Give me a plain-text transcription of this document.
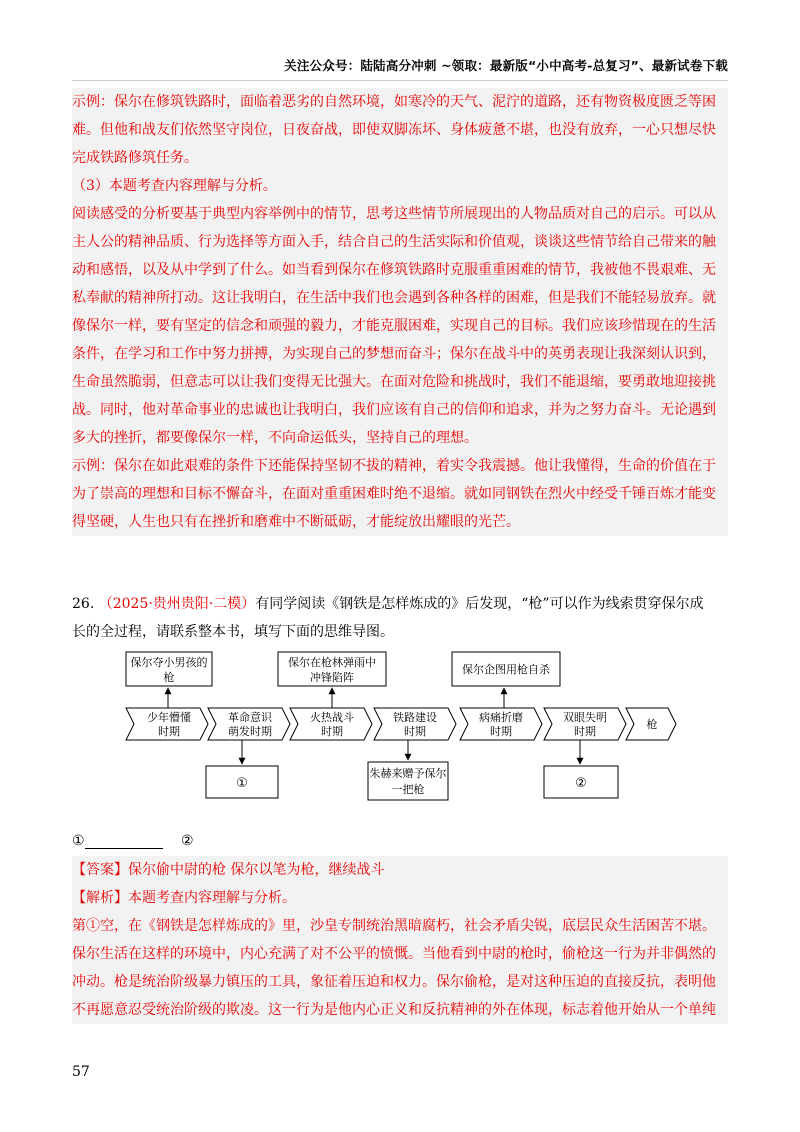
关注公众号：陆陆高分冲刺 ~领取：最新版“小中高考-总复习”、最新试卷下载
示例：保尔在修筑铁路时，面临着恶劣的自然环境，如寒冷的天气、泥泞的道路，还有物资极度匮乏等困
难。但他和战友们依然坚守岗位，日夜奋战，即使双脚冻坏、身体疲惫不堪，也没有放弃，一心只想尽快
完成铁路修筑任务。
（3）本题考查内容理解与分析。
阅读感受的分析要基于典型内容举例中的情节，思考这些情节所展现出的人物品质对自己的启示。可以从
主人公的精神品质、行为选择等方面入手，结合自己的生活实际和价值观，谈谈这些情节给自己带来的触
动和感悟，以及从中学到了什么。如当看到保尔在修筑铁路时克服重重困难的情节，我被他不畏艰难、无
私奉献的精神所打动。这让我明白，在生活中我们也会遇到各种各样的困难，但是我们不能轻易放弃。就
像保尔一样，要有坚定的信念和顽强的毅力，才能克服困难，实现自己的目标。我们应该珍惜现在的生活
条件，在学习和工作中努力拼搏，为实现自己的梦想而奋斗；保尔在战斗中的英勇表现让我深刻认识到，
生命虽然脆弱，但意志可以让我们变得无比强大。在面对危险和挑战时，我们不能退缩，要勇敢地迎接挑
战。同时，他对革命事业的忠诚也让我明白，我们应该有自己的信仰和追求，并为之努力奋斗。无论遇到
多大的挫折，都要像保尔一样，不向命运低头，坚持自己的理想。
示例：保尔在如此艰难的条件下还能保持坚韧不拔的精神，着实令我震撼。他让我懂得，生命的价值在于
为了崇高的理想和目标不懈奋斗，在面对重重困难时绝不退缩。就如同钢铁在烈火中经受千锤百炼才能变
得坚硬，人生也只有在挫折和磨难中不断砥砺，才能绽放出耀眼的光芒。
26. （2025·贵州贵阳·二模）有同学阅读《钢铁是怎样炼成的》后发现，“枪”可以作为线索贯穿保尔成
长的全过程，请联系整本书，填写下面的思维导图。
保尔夺小男孩的
枪
保尔在枪林弹雨中
冲锋陷阵
保尔企图用枪自杀
少年懵懂
时期
革命意识
萌发时期
火热战斗
时期
铁路建设
时期
病痛折磨
时期
双眼失明
时期
枪
①
朱赫来赠予保尔
一把枪	②
①	②
【答案】保尔偷中尉的枪 保尔以笔为枪，继续战斗
【解析】本题考查内容理解与分析。
第①空，在《钢铁是怎样炼成的》里，沙皇专制统治黑暗腐朽，社会矛盾尖锐，底层民众生活困苦不堪。
保尔生活在这样的环境中，内心充满了对不公平的愤慨。当他看到中尉的枪时，偷枪这一行为并非偶然的
冲动。枪是统治阶级暴力镇压的工具，象征着压迫和权力。保尔偷枪，是对这种压迫的直接反抗，表明他
不再愿意忍受统治阶级的欺凌。这一行为是他内心正义和反抗精神的外在体现，标志着他开始从一个单纯
57
